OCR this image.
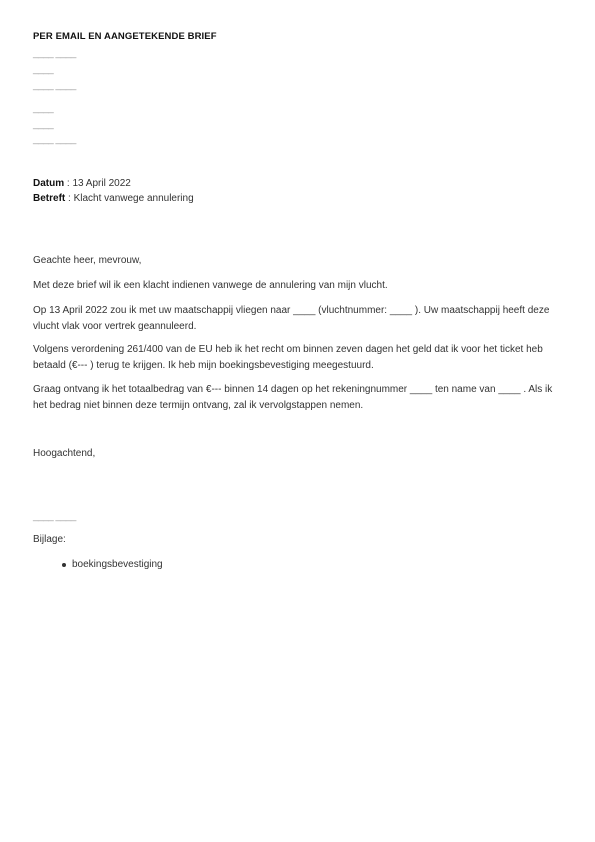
PER EMAIL EN AANGETEKENDE BRIEF
____ ____
____
____ ____
____
____
____ ____
Datum : 13 April 2022
Betreft : Klacht vanwege annulering
Geachte heer, mevrouw,
Met deze brief wil ik een klacht indienen vanwege de annulering van mijn vlucht.
Op 13 April 2022 zou ik met uw maatschappij vliegen naar ____ (vluchtnummer: ____ ). Uw maatschappij heeft deze vlucht vlak voor vertrek geannuleerd.
Volgens verordening 261/400 van de EU heb ik het recht om binnen zeven dagen het geld dat ik voor het ticket heb betaald (€--- ) terug te krijgen. Ik heb mijn boekingsbevestiging meegestuurd.
Graag ontvang ik het totaalbedrag van €--- binnen 14 dagen op het rekeningnummer ____ ten name van ____ . Als ik het bedrag niet binnen deze termijn ontvang, zal ik vervolgstappen nemen.
Hoogachtend,
____ ____
Bijlage:
boekingsbevestiging
